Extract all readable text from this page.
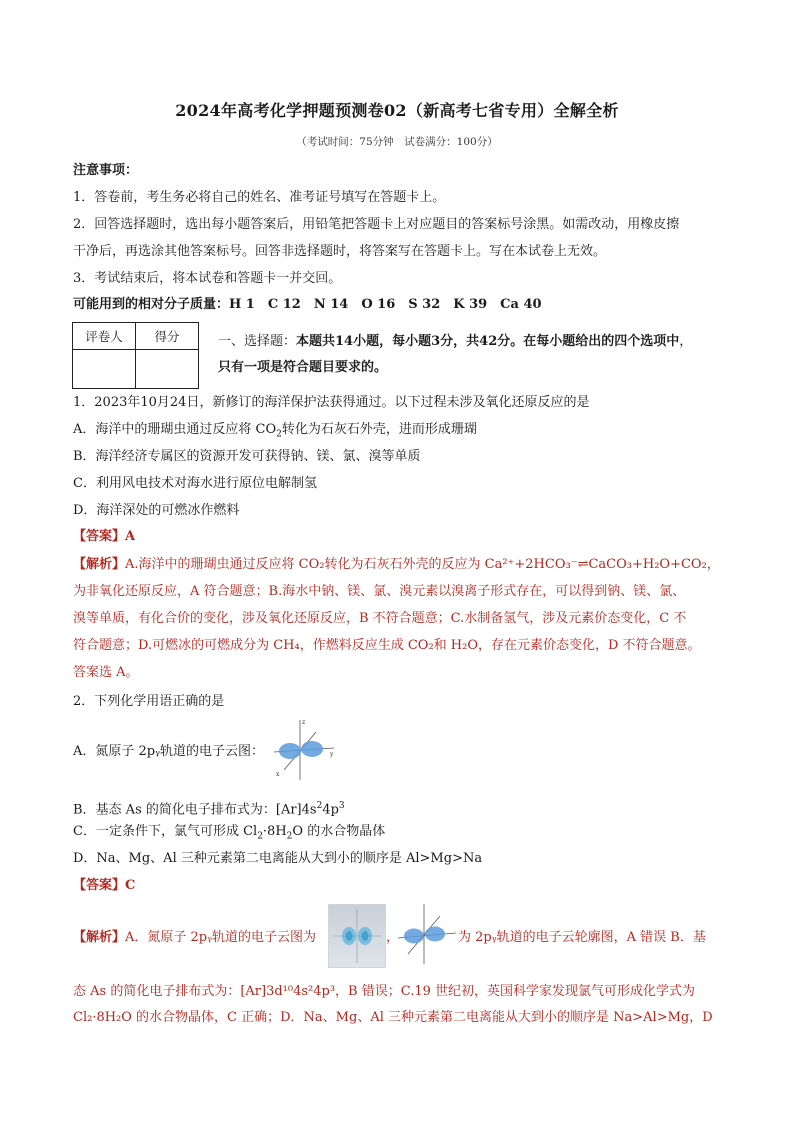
2024年高考化学押题预测卷02（新高考七省专用）全解全析
（考试时间：75分钟　试卷满分：100分）
注意事项：
1．答卷前，考生务必将自己的姓名、准考证号填写在答题卡上。
2．回答选择题时，选出每小题答案后，用铅笔把答题卡上对应题目的答案标号涂黑。如需改动，用橡皮擦
干净后，再选涂其他答案标号。回答非选择题时，将答案写在答题卡上。写在本试卷上无效。
3．考试结束后，将本试卷和答题卡一并交回。
可能用到的相对分子质量：H 1　C 12　N 14　O 16　S 32　K 39　Ca 40
评卷人	得分
		一、选择题：本题共14小题，每小题3分，共42分。在每小题给出的四个选项中，
只有一项是符合题目要求的。
1．2023年10月24日，新修订的海洋保护法获得通过。以下过程未涉及氧化还原反应的是
A．海洋中的珊瑚虫通过反应将 $CO_2$转化为石灰石外壳，进而形成珊瑚
B．海洋经济专属区的资源开发可获得钠、镁、氯、溴等单质
C．利用风电技术对海水进行原位电解制氢
D．海洋深处的可燃冰作燃料
【答案】A
【解析】A.海洋中的珊瑚虫通过反应将 CO₂转化为石灰石外壳的反应为 Ca²⁺+2HCO₃⁻⇌CaCO₃+H₂O+CO₂，
为非氧化还原反应，A 符合题意；B.海水中钠、镁、氯、溴元素以溴离子形式存在，可以得到钠、镁、氯、
溴等单质，有化合价的变化，涉及氧化还原反应，B 不符合题意；C.水制备氢气，涉及元素价态变化，C 不
符合题意；D.可燃冰的可燃成分为 CH₄，作燃料反应生成 CO₂和 H₂O，存在元素价态变化，D 不符合题意。
答案选 A。
2．下列化学用语正确的是
A．氮原子 2pᵧ轨道的电子云图：
z
y
x
B．基态 As 的简化电子排布式为：$[Ar]4s^24p^3$
C．一定条件下，氯气可形成 $Cl_2\cdot 8H_2O$ 的水合物晶体
D．Na、Mg、Al 三种元素第二电离能从大到小的顺序是 Al>Mg>Na
【答案】C
【解析】A．氮原子 2pᵧ轨道的电子云图为	，	为 2pᵧ轨道的电子云轮廓图，A 错误 B．基
态 As 的简化电子排布式为：[Ar]3d¹⁰4s²4p³，B 错误；C.19 世纪初，英国科学家发现氯气可形成化学式为
Cl₂·8H₂O 的水合物晶体，C 正确；D．Na、Mg、Al 三种元素第二电离能从大到小的顺序是 Na>Al>Mg，D
